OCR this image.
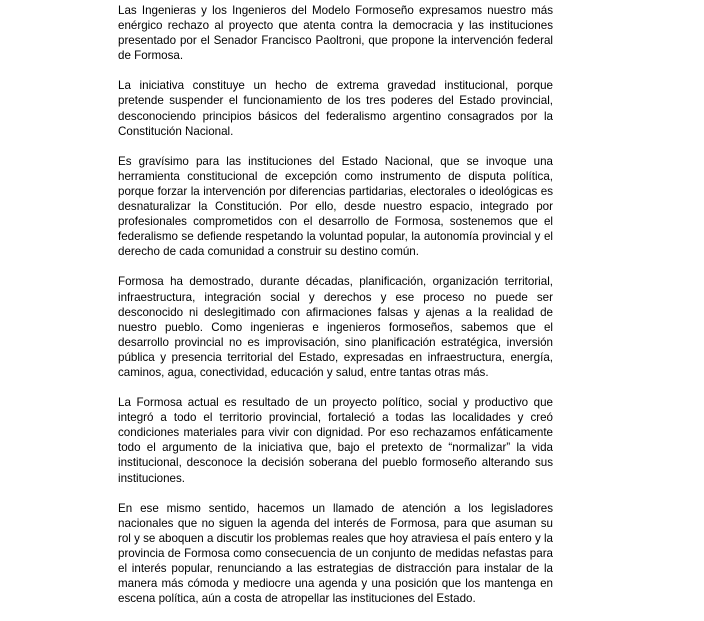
Las Ingenieras y los Ingenieros del Modelo Formoseño expresamos nuestro más enérgico rechazo al proyecto que atenta contra la democracia y las instituciones presentado por el Senador Francisco Paoltroni, que propone la intervención federal de Formosa.

La iniciativa constituye un hecho de extrema gravedad institucional, porque pretende suspender el funcionamiento de los tres poderes del Estado provincial, desconociendo principios básicos del federalismo argentino consagrados por la Constitución Nacional.

Es gravísimo para las instituciones del Estado Nacional, que se invoque una herramienta constitucional de excepción como instrumento de disputa política, porque forzar la intervención por diferencias partidarias, electorales o ideológicas es desnaturalizar la Constitución. Por ello, desde nuestro espacio, integrado por profesionales comprometidos con el desarrollo de Formosa, sostenemos que el federalismo se defiende respetando la voluntad popular, la autonomía provincial y el derecho de cada comunidad a construir su destino común.

Formosa ha demostrado, durante décadas, planificación, organización territorial, infraestructura, integración social y derechos y ese proceso no puede ser desconocido ni deslegitimado con afirmaciones falsas y ajenas a la realidad de nuestro pueblo. Como ingenieras e ingenieros formoseños, sabemos que el desarrollo provincial no es improvisación, sino planificación estratégica, inversión pública y presencia territorial del Estado, expresadas en infraestructura, energía, caminos, agua, conectividad, educación y salud, entre tantas otras más.

La Formosa actual es resultado de un proyecto político, social y productivo que integró a todo el territorio provincial, fortaleció a todas las localidades y creó condiciones materiales para vivir con dignidad. Por eso rechazamos enfáticamente todo el argumento de la iniciativa que, bajo el pretexto de “normalizar” la vida institucional, desconoce la decisión soberana del pueblo formoseño alterando sus instituciones.

En ese mismo sentido, hacemos un llamado de atención a los legisladores nacionales que no siguen la agenda del interés de Formosa, para que asuman su rol y se aboquen a discutir los problemas reales que hoy atraviesa el país entero y la provincia de Formosa como consecuencia de un conjunto de medidas nefastas para el interés popular, renunciando a las estrategias de distracción para instalar de la manera más cómoda y mediocre una agenda y una posición que los mantenga en escena política, aún a costa de atropellar las instituciones del Estado.
